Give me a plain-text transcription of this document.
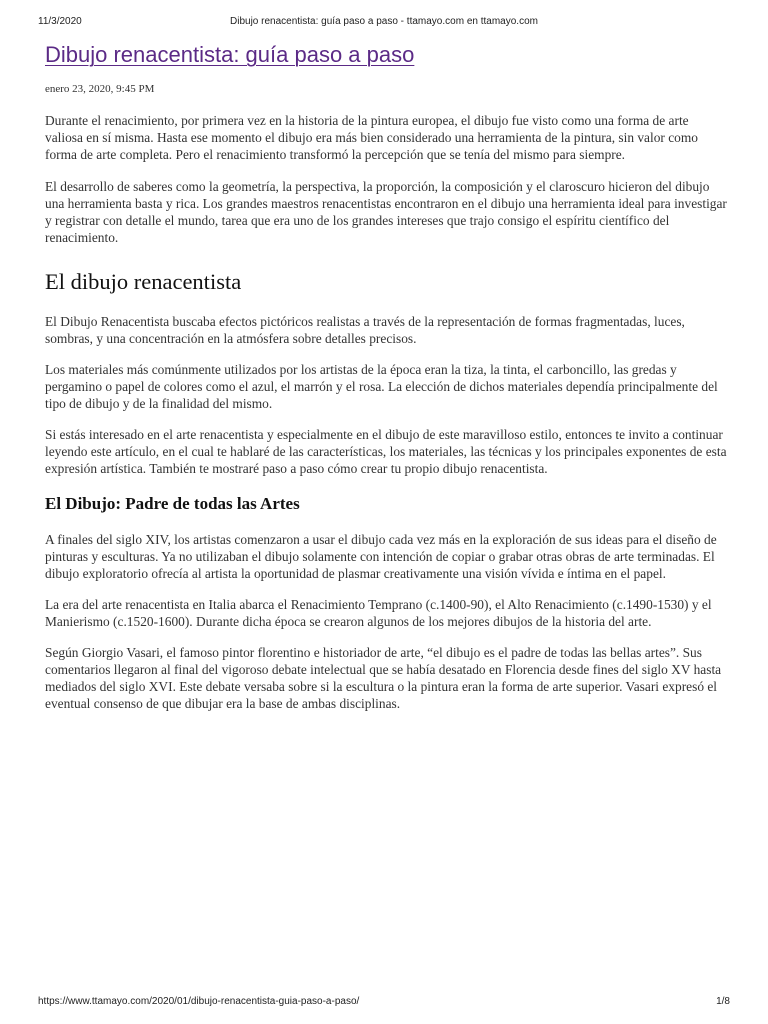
11/3/2020	Dibujo renacentista: guía paso a paso - ttamayo.com en ttamayo.com
Dibujo renacentista: guía paso a paso
enero 23, 2020, 9:45 PM

Durante el renacimiento, por primera vez en la historia de la pintura europea, el dibujo fue visto como una forma de arte valiosa en sí misma. Hasta ese momento el dibujo era más bien considerado una herramienta de la pintura, sin valor como forma de arte completa. Pero el renacimiento transformó la percepción que se tenía del mismo para siempre.

El desarrollo de saberes como la geometría, la perspectiva, la proporción, la composición y el claroscuro hicieron del dibujo una herramienta basta y rica. Los grandes maestros renacentistas encontraron en el dibujo una herramienta ideal para investigar y registrar con detalle el mundo, tarea que era uno de los grandes intereses que trajo consigo el espíritu científico del renacimiento.

El dibujo renacentista

El Dibujo Renacentista buscaba efectos pictóricos realistas a través de la representación de formas fragmentadas, luces, sombras, y una concentración en la atmósfera sobre detalles precisos.

Los materiales más comúnmente utilizados por los artistas de la época eran la tiza, la tinta, el carboncillo, las gredas y pergamino o papel de colores como el azul, el marrón y el rosa. La elección de dichos materiales dependía principalmente del tipo de dibujo y de la finalidad del mismo.

Si estás interesado en el arte renacentista y especialmente en el dibujo de este maravilloso estilo, entonces te invito a continuar leyendo este artículo, en el cual te hablaré de las características, los materiales, las técnicas y los principales exponentes de esta expresión artística. También te mostraré paso a paso cómo crear tu propio dibujo renacentista.

El Dibujo: Padre de todas las Artes

A finales del siglo XIV, los artistas comenzaron a usar el dibujo cada vez más en la exploración de sus ideas para el diseño de pinturas y esculturas. Ya no utilizaban el dibujo solamente con intención de copiar o grabar otras obras de arte terminadas. El dibujo exploratorio ofrecía al artista la oportunidad de plasmar creativamente una visión vívida e íntima en el papel.

La era del arte renacentista en Italia abarca el Renacimiento Temprano (c.1400-90), el Alto Renacimiento (c.1490-1530) y el Manierismo (c.1520-1600). Durante dicha época se crearon algunos de los mejores dibujos de la historia del arte.

Según Giorgio Vasari, el famoso pintor florentino e historiador de arte, “el dibujo es el padre de todas las bellas artes”. Sus comentarios llegaron al final del vigoroso debate intelectual que se había desatado en Florencia desde fines del siglo XV hasta mediados del siglo XVI. Este debate versaba sobre si la escultura o la pintura eran la forma de arte superior. Vasari expresó el eventual consenso de que dibujar era la base de ambas disciplinas.

https://www.ttamayo.com/2020/01/dibujo-renacentista-guia-paso-a-paso/	1/8
